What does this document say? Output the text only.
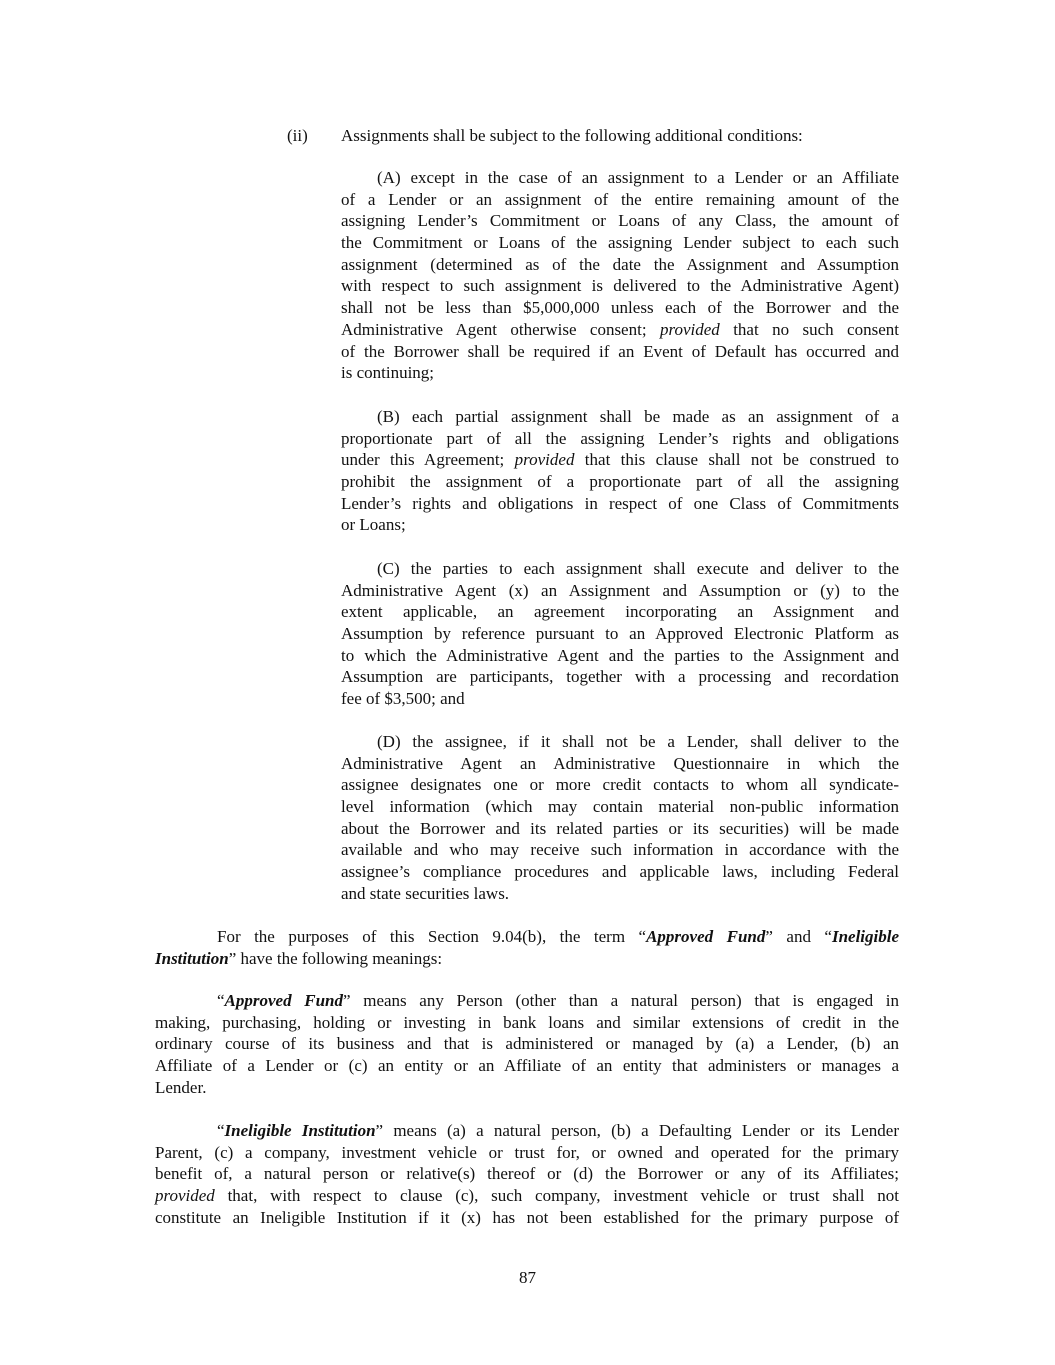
(ii) Assignments shall be subject to the following additional conditions:
(A) except in the case of an assignment to a Lender or an Affiliate
of a Lender or an assignment of the entire remaining amount of the
assigning Lender’s Commitment or Loans of any Class, the amount of
the Commitment or Loans of the assigning Lender subject to each such
assignment (determined as of the date the Assignment and Assumption
with respect to such assignment is delivered to the Administrative Agent)
shall not be less than $5,000,000 unless each of the Borrower and the
Administrative Agent otherwise consent; provided that no such consent
of the Borrower shall be required if an Event of Default has occurred and
is continuing;
(B) each partial assignment shall be made as an assignment of a
proportionate part of all the assigning Lender’s rights and obligations
under this Agreement; provided that this clause shall not be construed to
prohibit the assignment of a proportionate part of all the assigning
Lender’s rights and obligations in respect of one Class of Commitments
or Loans;
(C) the parties to each assignment shall execute and deliver to the
Administrative Agent (x) an Assignment and Assumption or (y) to the
extent applicable, an agreement incorporating an Assignment and
Assumption by reference pursuant to an Approved Electronic Platform as
to which the Administrative Agent and the parties to the Assignment and
Assumption are participants, together with a processing and recordation
fee of $3,500; and
(D) the assignee, if it shall not be a Lender, shall deliver to the
Administrative Agent an Administrative Questionnaire in which the
assignee designates one or more credit contacts to whom all syndicate-
level information (which may contain material non-public information
about the Borrower and its related parties or its securities) will be made
available and who may receive such information in accordance with the
assignee’s compliance procedures and applicable laws, including Federal
and state securities laws.
For the purposes of this Section 9.04(b), the term “Approved Fund” and “Ineligible
Institution” have the following meanings:
“Approved Fund” means any Person (other than a natural person) that is engaged in
making, purchasing, holding or investing in bank loans and similar extensions of credit in the
ordinary course of its business and that is administered or managed by (a) a Lender, (b) an
Affiliate of a Lender or (c) an entity or an Affiliate of an entity that administers or manages a
Lender.
“Ineligible Institution” means (a) a natural person, (b) a Defaulting Lender or its Lender
Parent, (c) a company, investment vehicle or trust for, or owned and operated for the primary
benefit of, a natural person or relative(s) thereof or (d) the Borrower or any of its Affiliates;
provided that, with respect to clause (c), such company, investment vehicle or trust shall not
constitute an Ineligible Institution if it (x) has not been established for the primary purpose of
87
